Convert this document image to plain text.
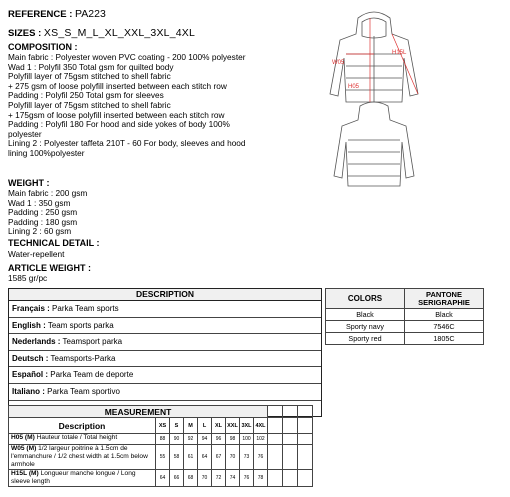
REFERENCE : PA223
SIZES : XS_S_M_L_XL_XXL_3XL_4XL
COMPOSITION :
Main fabric : Polyester woven PVC coating - 200 100% polyester
Wad 1 : Polyfil 350 Total gsm for quilted body
Polyfill layer of 75gsm stitched to shell fabric
+ 275 gsm of loose polyfill inserted between each stitch row
Padding : Polyfil 250 Total gsm for sleeves
Polyfill layer of 75gsm stitched to shell fabric
+ 175gsm of loose polyfill inserted between each stitch row
Padding : Polyfil 180 For hood and side yokes of body 100% polyester
Lining 2 : Polyester taffeta 210T - 60 For body, sleeves and hood lining 100%polyester
WEIGHT :
Main fabric : 200 gsm
Wad 1 : 350 gsm
Padding : 250 gsm
Padding : 180 gsm
Lining 2 : 60 gsm
TECHNICAL DETAIL :
Water-repellent
ARTICLE WEIGHT :
1585 gr/pc
H15L
W05
H05
DESCRIPTION
Français : Parka Team sports
English : Team sports parka
Nederlands : Teamsport parka
Deutsch : Teamsports-Parka
Español : Parka Team de deporte
Italiano : Parka Team sportivo
COLORS	PANTONE SERIGRAPHIE
Black	Black
Sporty navy	7546C
Sporty red	1805C
MEASUREMENT											
Description	XS	S	M	L	XL	XXL	3XL	4XL			
H05 (M) Hauteur totale / Total height	88	90	92	94	96	98	100	102			
W05 (M) 1/2 largeur poitrine à 1.5cm de l'emmanchure / 1/2 chest width at 1.5cm below armhole	55	58	61	64	67	70	73	76			
H15L (M) Longueur manche longue / Long sleeve length	64	66	68	70	72	74	76	78			
